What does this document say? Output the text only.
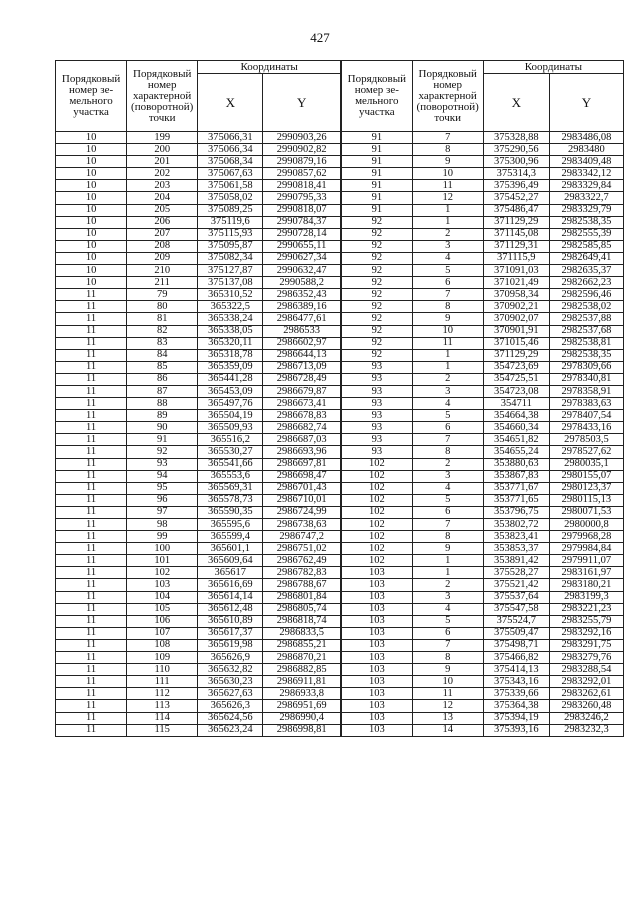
427
Порядковый номер зе-мельного участка	Порядковый номер характерной (поворотной) точки	Координаты		Порядковый номер зе-мельного участка	Порядковый номер характерной (поворотной) точки	Координаты	
		X	Y			X	Y
10	199	375066,31	2990903,26	91	7	375328,88	2983486,08
10	200	375066,34	2990902,82	91	8	375290,56	2983480
10	201	375068,34	2990879,16	91	9	375300,96	2983409,48
10	202	375067,63	2990857,62	91	10	375314,3	2983342,12
10	203	375061,58	2990818,41	91	11	375396,49	2983329,84
10	204	375058,02	2990795,33	91	12	375452,27	2983322,7
10	205	375089,25	2990818,07	91	1	375486,47	2983329,79
10	206	375119,6	2990784,37	92	1	371129,29	2982538,35
10	207	375115,93	2990728,14	92	2	371145,08	2982555,39
10	208	375095,87	2990655,11	92	3	371129,31	2982585,85
10	209	375082,34	2990627,34	92	4	371115,9	2982649,41
10	210	375127,87	2990632,47	92	5	371091,03	2982635,37
10	211	375137,08	2990588,2	92	6	371021,49	2982662,23
11	79	365310,52	2986352,43	92	7	370958,34	2982596,46
11	80	365322,5	2986389,16	92	8	370902,21	2982538,02
11	81	365338,24	2986477,61	92	9	370902,07	2982537,88
11	82	365338,05	2986533	92	10	370901,91	2982537,68
11	83	365320,11	2986602,97	92	11	371015,46	2982538,81
11	84	365318,78	2986644,13	92	1	371129,29	2982538,35
11	85	365359,09	2986713,09	93	1	354723,69	2978309,66
11	86	365441,28	2986728,49	93	2	354725,51	2978340,81
11	87	365453,09	2986679,87	93	3	354723,08	2978358,91
11	88	365497,76	2986673,41	93	4	354711	2978383,63
11	89	365504,19	2986678,83	93	5	354664,38	2978407,54
11	90	365509,93	2986682,74	93	6	354660,34	2978433,16
11	91	365516,2	2986687,03	93	7	354651,82	2978503,5
11	92	365530,27	2986693,96	93	8	354655,24	2978527,62
11	93	365541,66	2986697,81	102	2	353880,63	2980035,1
11	94	365553,6	2986698,47	102	3	353867,83	2980155,07
11	95	365569,31	2986701,43	102	4	353771,67	2980123,37
11	96	365578,73	2986710,01	102	5	353771,65	2980115,13
11	97	365590,35	2986724,99	102	6	353796,75	2980071,53
11	98	365595,6	2986738,63	102	7	353802,72	2980000,8
11	99	365599,4	2986747,2	102	8	353823,41	2979968,28
11	100	365601,1	2986751,02	102	9	353853,37	2979984,84
11	101	365609,64	2986762,49	102	1	353891,42	2979911,07
11	102	365617	2986782,83	103	1	375528,27	2983161,97
11	103	365616,69	2986788,67	103	2	375521,42	2983180,21
11	104	365614,14	2986801,84	103	3	375537,64	2983199,3
11	105	365612,48	2986805,74	103	4	375547,58	2983221,23
11	106	365610,89	2986818,74	103	5	375524,7	2983255,79
11	107	365617,37	2986833,5	103	6	375509,47	2983292,16
11	108	365619,98	2986855,21	103	7	375498,71	2983291,75
11	109	365626,9	2986870,21	103	8	375466,82	2983279,76
11	110	365632,82	2986882,85	103	9	375414,13	2983288,54
11	111	365630,23	2986911,81	103	10	375343,16	2983292,01
11	112	365627,63	2986933,8	103	11	375339,66	2983262,61
11	113	365626,3	2986951,69	103	12	375364,38	2983260,48
11	114	365624,56	2986990,4	103	13	375394,19	2983246,2
11	115	365623,24	2986998,81	103	14	375393,16	2983232,3
